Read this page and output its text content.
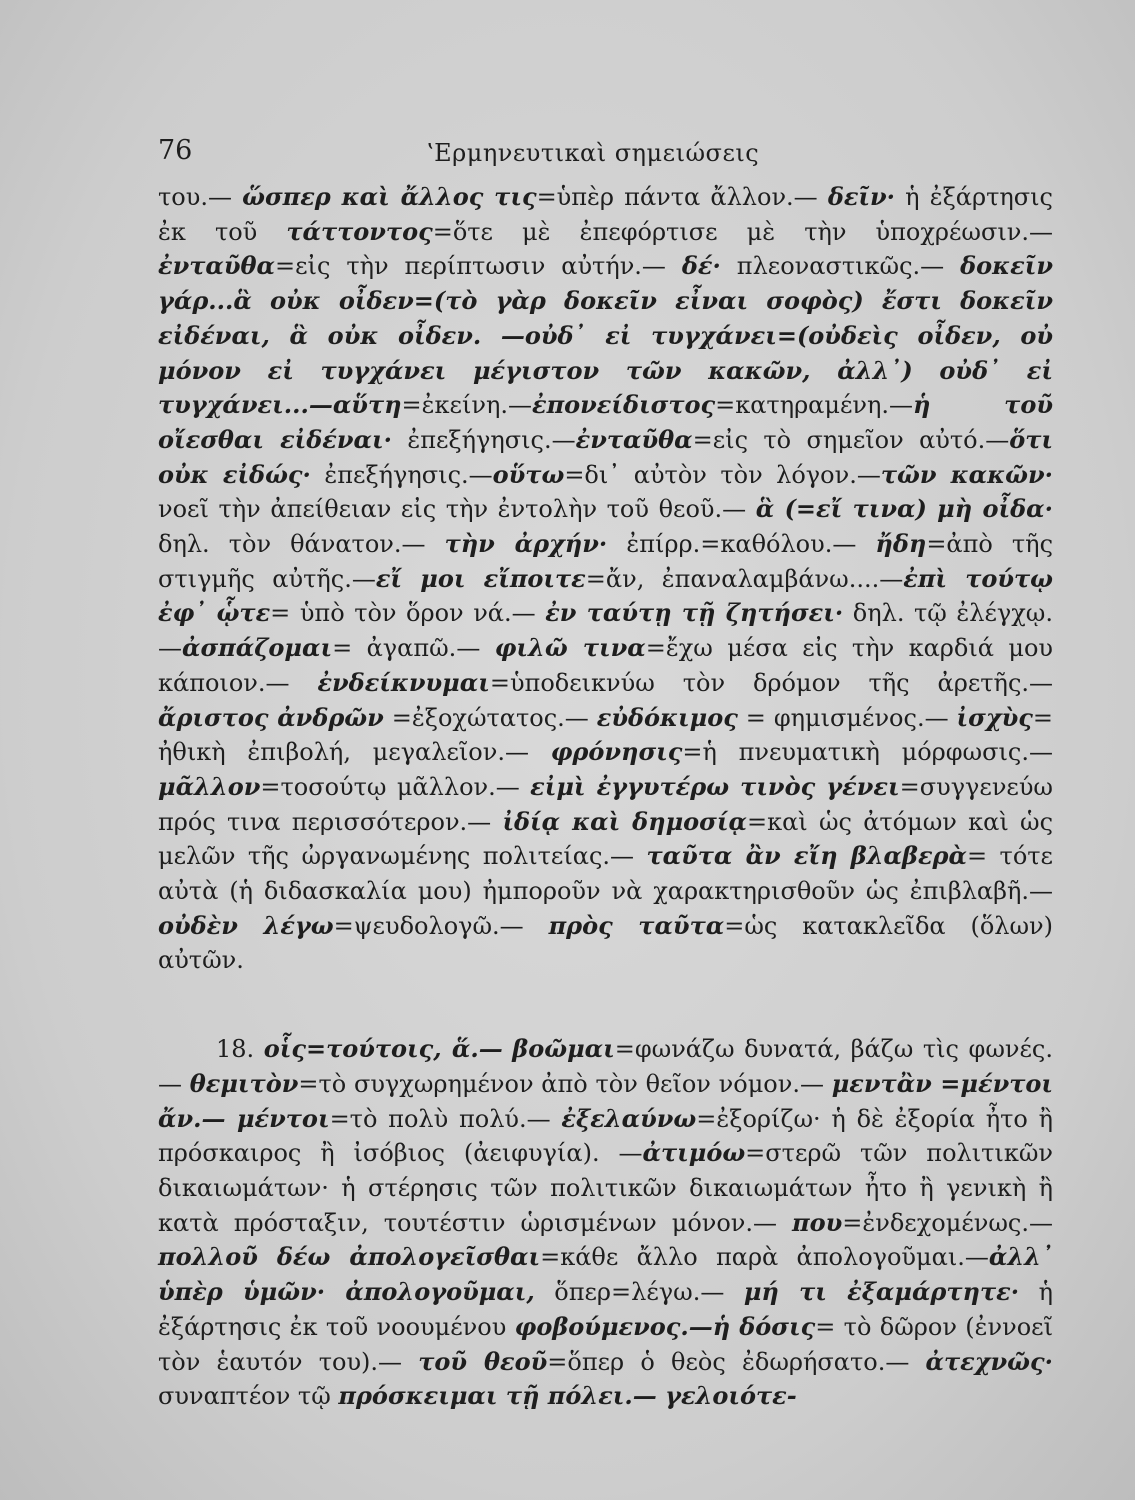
76	ʽΕρμηνευτικαὶ σημειώσεις

του.— ὥσπερ καὶ ἄλλος τις=ὑπὲρ πάντα ἄλλον.— δεῖν· ἡ ἐξάρτησις ἐκ τοῦ τάττοντος=ὅτε μὲ ἐπεφόρτισε μὲ τὴν ὑποχρέωσιν.— ἐνταῦθα=εἰς τὴν περίπτωσιν αὐτήν.— δέ· πλεοναστικῶς.— δοκεῖν γάρ...ἃ οὐκ οἶδεν=(τὸ γὰρ δοκεῖν εἶναι σοφὸς) ἔστι δοκεῖν εἰδέναι, ἃ οὐκ οἶδεν. —οὐδ᾽ εἰ τυγχάνει=(οὐδεὶς οἶδεν, οὐ μόνον εἰ τυγχάνει μέγιστον τῶν κακῶν, ἀλλ᾽) οὐδ᾽ εἰ τυγχάνει...—αὕτη=ἐκείνη.—ἐπονείδιστος=κατηραμένη.—ἡ τοῦ οἴεσθαι εἰδέναι· ἐπεξήγησις.—ἐνταῦθα=εἰς τὸ σημεῖον αὐτό.—ὅτι οὐκ εἰδώς· ἐπεξήγησις.—οὕτω=δι᾽ αὐτὸν τὸν λόγον.—τῶν κακῶν· νοεῖ τὴν ἀπείθειαν εἰς τὴν ἐντολὴν τοῦ θεοῦ.— ἃ (=εἴ τινα) μὴ οἶδα· δηλ. τὸν θάνατον.— τὴν ἀρχήν· ἐπίρρ.=καθόλου.— ἤδη=ἀπὸ τῆς στιγμῆς αὐτῆς.—εἴ μοι εἴποιτε=ἄν, ἐπαναλαμβάνω....—ἐπὶ τούτῳ ἐφ᾽ ᾧτε= ὑπὸ τὸν ὅρον νά.— ἐν ταύτῃ τῇ ζητήσει· δηλ. τῷ ἐλέγχῳ.—ἀσπάζομαι= ἀγαπῶ.— φιλῶ τινα=ἔχω μέσα εἰς τὴν καρδιά μου κάποιον.— ἐνδείκνυμαι=ὑποδεικνύω τὸν δρόμον τῆς ἀρετῆς.— ἄριστος ἀνδρῶν =ἐξοχώτατος.— εὐδόκιμος = φημισμένος.— ἰσχὺς= ἠθικὴ ἐπιβολή, μεγαλεῖον.— φρόνησις=ἡ πνευματικὴ μόρφωσις.— μᾶλλον=τοσούτῳ μᾶλλον.— εἰμὶ ἐγγυτέρω τινὸς γένει=συγγενεύω πρός τινα περισσότερον.— ἰδίᾳ καὶ δημοσίᾳ=καὶ ὡς ἀτόμων καὶ ὡς μελῶν τῆς ὠργανωμένης πολιτείας.— ταῦτα ἂν εἴη βλαβερὰ= τότε αὐτὰ (ἡ διδασκαλία μου) ἠμποροῦν νὰ χαρακτηρισθοῦν ὡς ἐπιβλαβῆ.— οὐδὲν λέγω=ψευδολογῶ.— πρὸς ταῦτα=ὡς κατακλεῖδα (ὅλων) αὐτῶν.

18. οἷς=τούτοις, ἅ.— βοῶμαι=φωνάζω δυνατά, βάζω τὶς φωνές.— θεμιτὸν=τὸ συγχωρημένον ἀπὸ τὸν θεῖον νόμον.— μεντἂν =μέντοι ἄν.— μέντοι=τὸ πολὺ πολύ.— ἐξελαύνω=ἐξορίζω· ἡ δὲ ἐξορία ἦτο ἢ πρόσκαιρος ἢ ἰσόβιος (ἀειφυγία). —ἀτιμόω=στερῶ τῶν πολιτικῶν δικαιωμάτων· ἡ στέρησις τῶν πολιτικῶν δικαιωμάτων ἦτο ἢ γενικὴ ἢ κατὰ πρόσταξιν, τουτέστιν ὡρισμένων μόνον.— που=ἐνδεχομένως.— πολλοῦ δέω ἀπολογεῖσθαι=κάθε ἄλλο παρὰ ἀπολογοῦμαι.—ἀλλ᾽ ὑπὲρ ὑμῶν· ἀπολογοῦμαι, ὅπερ=λέγω.— μή τι ἐξαμάρτητε· ἡ ἐξάρτησις ἐκ τοῦ νοουμένου φοβούμενος.—ἡ δόσις= τὸ δῶρον (ἐννοεῖ τὸν ἑαυτόν του).— τοῦ θεοῦ=ὅπερ ὁ θεὸς ἐδωρήσατο.— ἀτεχνῶς· συναπτέον τῷ πρόσκειμαι τῇ πόλει.— γελοιότε-
